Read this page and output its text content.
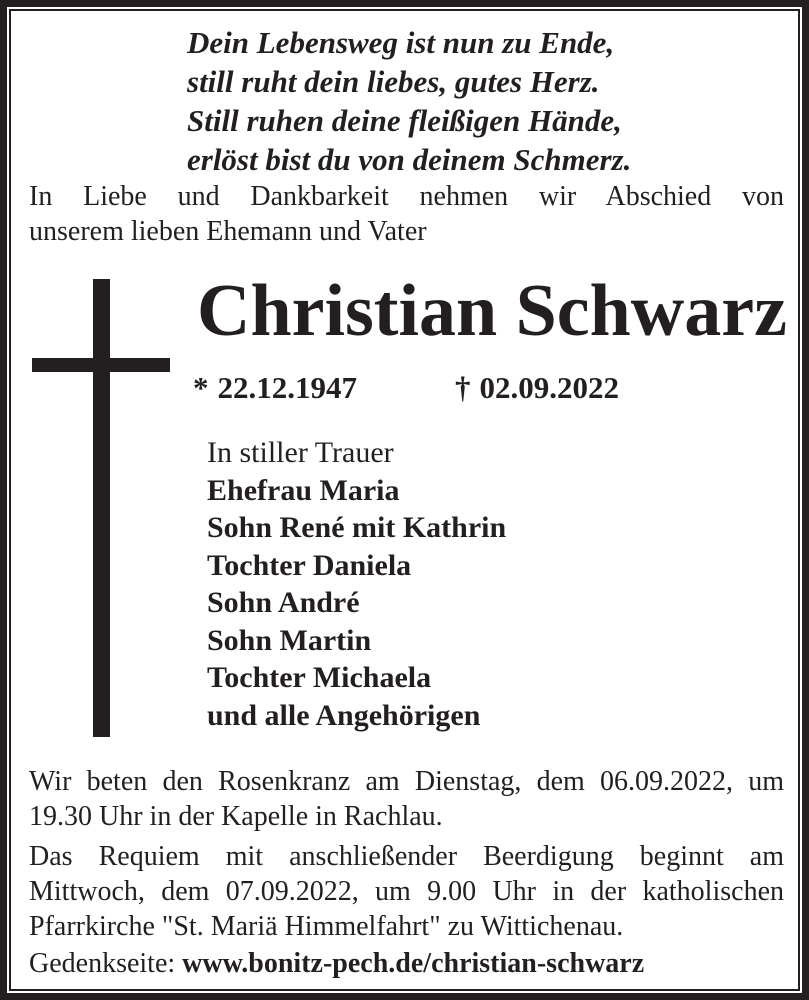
Dein Lebensweg ist nun zu Ende,
still ruht dein liebes, gutes Herz.
Still ruhen deine fleißigen Hände,
erlöst bist du von deinem Schmerz.
In Liebe und Dankbarkeit nehmen wir Abschied von
unserem lieben Ehemann und Vater
Christian Schwarz
* 22.12.1947	† 02.09.2022
In stiller Trauer
Ehefrau Maria
Sohn René mit Kathrin
Tochter Daniela
Sohn André
Sohn Martin
Tochter Michaela
und alle Angehörigen
Wir beten den Rosenkranz am Dienstag, dem 06.09.2022, um
19.30 Uhr in der Kapelle in Rachlau.
Das Requiem mit anschließender Beerdigung beginnt am
Mittwoch, dem 07.09.2022, um 9.00 Uhr in der katholischen
Pfarrkirche "St. Mariä Himmelfahrt" zu Wittichenau.
Gedenkseite: www.bonitz-pech.de/christian-schwarz
